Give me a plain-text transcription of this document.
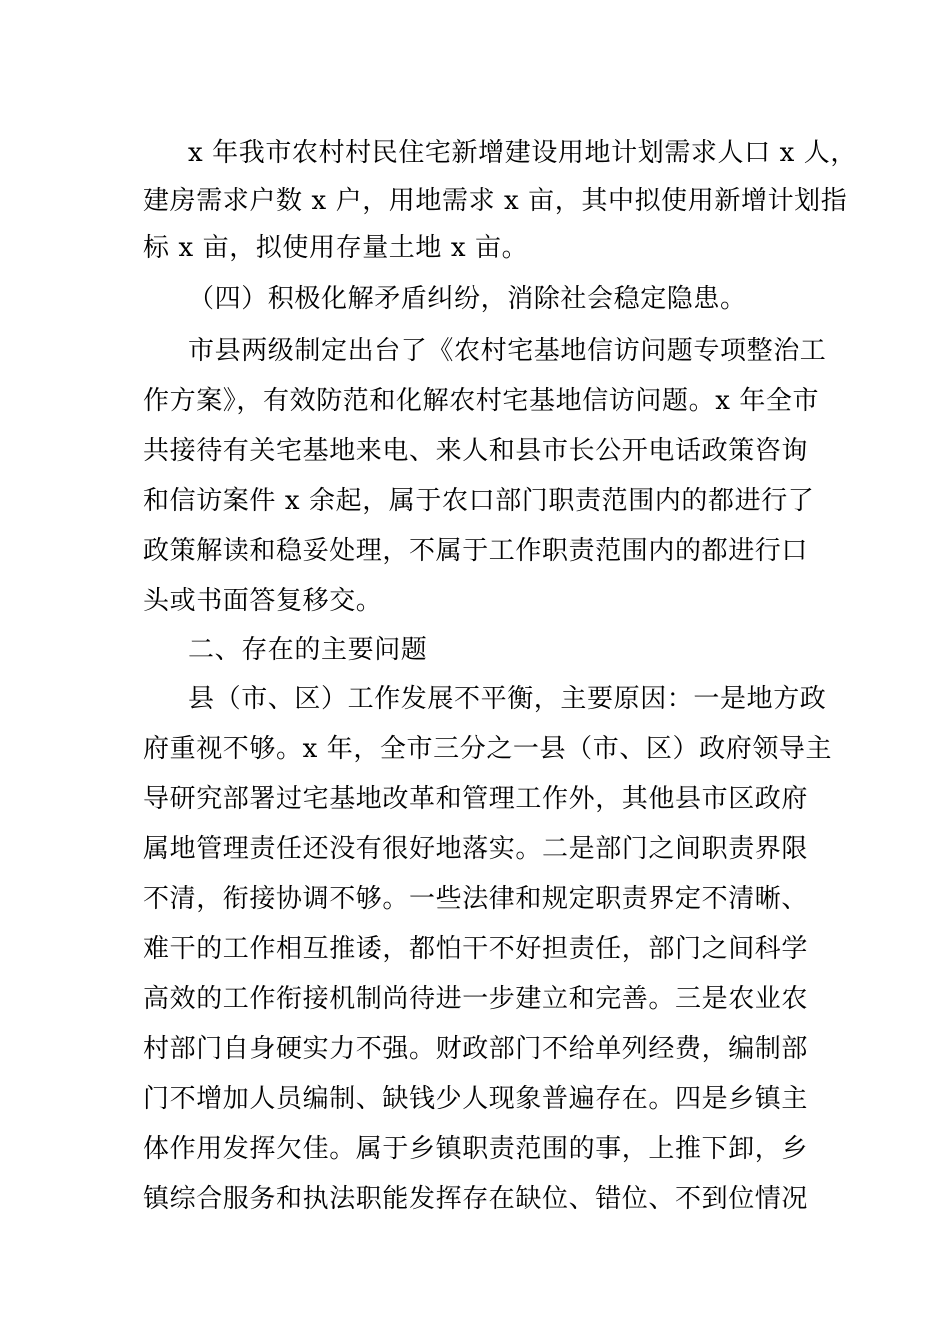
x 年我市农村村民住宅新增建设用地计划需求人口 x 人，
建房需求户数 x 户，用地需求 x 亩，其中拟使用新增计划指
标 x 亩，拟使用存量土地 x 亩。
（四）积极化解矛盾纠纷，消除社会稳定隐患。
市县两级制定出台了《农村宅基地信访问题专项整治工
作方案》，有效防范和化解农村宅基地信访问题。x 年全市
共接待有关宅基地来电、来人和县市长公开电话政策咨询
和信访案件 x 余起，属于农口部门职责范围内的都进行了
政策解读和稳妥处理，不属于工作职责范围内的都进行口
头或书面答复移交。
二、存在的主要问题
县（市、区）工作发展不平衡，主要原因：一是地方政
府重视不够。x 年，全市三分之一县（市、区）政府领导主
导研究部署过宅基地改革和管理工作外，其他县市区政府
属地管理责任还没有很好地落实。二是部门之间职责界限
不清，衔接协调不够。一些法律和规定职责界定不清晰、
难干的工作相互推诿，都怕干不好担责任，部门之间科学
高效的工作衔接机制尚待进一步建立和完善。三是农业农
村部门自身硬实力不强。财政部门不给单列经费，编制部
门不增加人员编制、缺钱少人现象普遍存在。四是乡镇主
体作用发挥欠佳。属于乡镇职责范围的事，上推下卸，乡
镇综合服务和执法职能发挥存在缺位、错位、不到位情况
